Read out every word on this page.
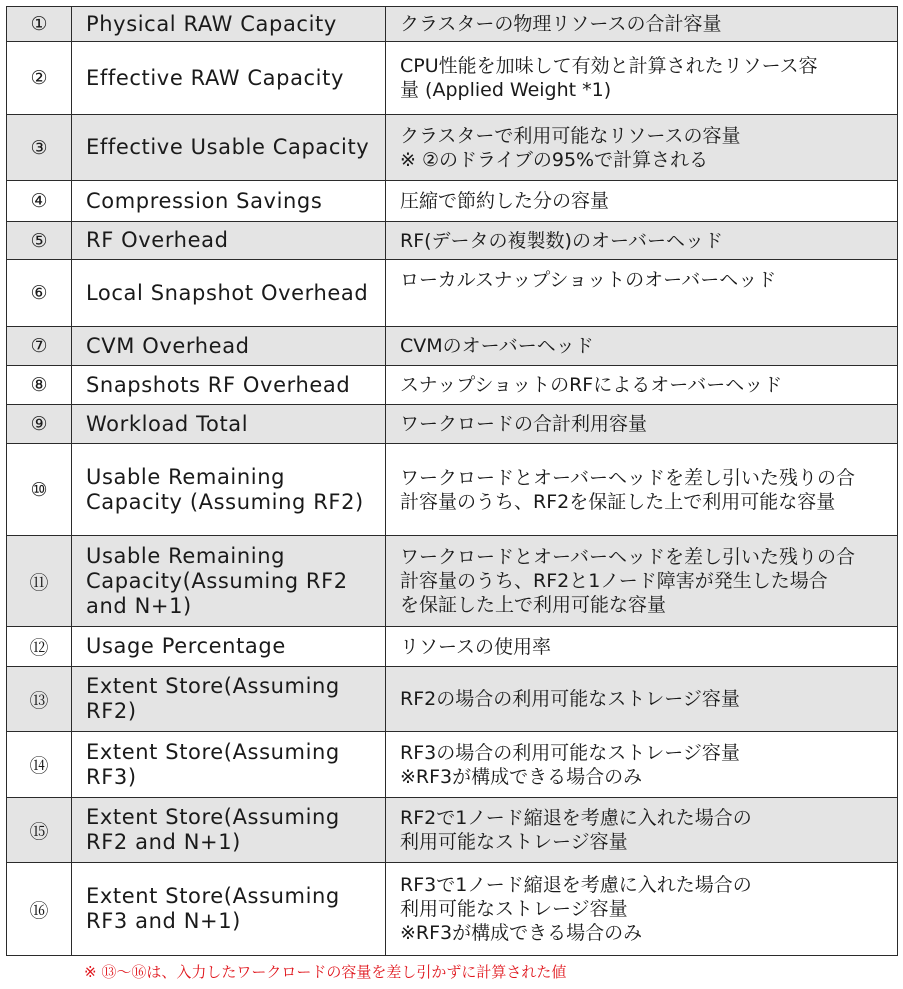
①	Physical RAW Capacity	クラスターの物理リソースの合計容量
②	Effective RAW Capacity	CPU性能を加味して有効と計算されたリソース容
量 (Applied Weight *1)
③	Effective Usable Capacity	クラスターで利用可能なリソースの容量
※ ②のドライブの95%で計算される
④	Compression Savings	圧縮で節約した分の容量
⑤	RF Overhead	RF(データの複製数)のオーバーヘッド
⑥	Local Snapshot Overhead	ローカルスナップショットのオーバーヘッド
⑦	CVM Overhead	CVMのオーバーヘッド
⑧	Snapshots RF Overhead	スナップショットのRFによるオーバーヘッド
⑨	Workload Total	ワークロードの合計利用容量
⑩	Usable Remaining Capacity (Assuming RF2)	ワークロードとオーバーヘッドを差し引いた残りの合
計容量のうち、RF2を保証した上で利用可能な容量
⑪	Usable Remaining Capacity(Assuming RF2 and N+1)	ワークロードとオーバーヘッドを差し引いた残りの合
計容量のうち、RF2と1ノード障害が発生した場合
を保証した上で利用可能な容量
⑫	Usage Percentage	リソースの使用率
⑬	Extent Store(Assuming RF2)	RF2の場合の利用可能なストレージ容量
⑭	Extent Store(Assuming RF3)	RF3の場合の利用可能なストレージ容量
※RF3が構成できる場合のみ
⑮	Extent Store(Assuming RF2 and N+1)	RF2で1ノード縮退を考慮に入れた場合の
利用可能なストレージ容量
⑯	Extent Store(Assuming RF3 and N+1)	RF3で1ノード縮退を考慮に入れた場合の
利用可能なストレージ容量
※RF3が構成できる場合のみ
※ ⑬〜⑯は、入力したワークロードの容量を差し引かずに計算された値
